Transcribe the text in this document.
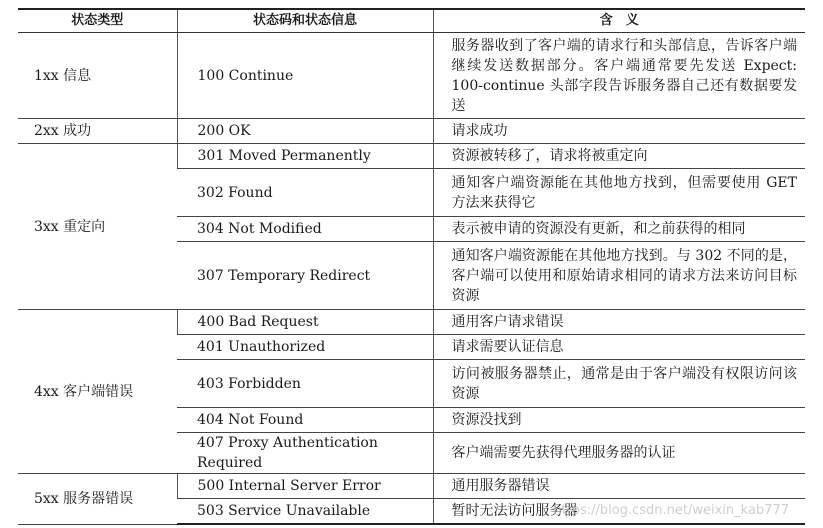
状态类型	状态码和状态信息	含　义
1xx 信息	100 Continue	服务器收到了客户端的请求行和头部信息，告诉客户端继续发送数据部分。客户端通常要先发送 Expect: 100-continue 头部字段告诉服务器自己还有数据要发送
2xx 成功	200 OK	请求成功
3xx 重定向	301 Moved Permanently	资源被转移了，请求将被重定向
	302 Found	通知客户端资源能在其他地方找到，但需要使用 GET 方法来获得它
	304 Not Modified	表示被申请的资源没有更新，和之前获得的相同
	307 Temporary Redirect	通知客户端资源能在其他地方找到。与 302 不同的是，客户端可以使用和原始请求相同的请求方法来访问目标资源
4xx 客户端错误	400 Bad Request	通用客户请求错误
	401 Unauthorized	请求需要认证信息
	403 Forbidden	访问被服务器禁止，通常是由于客户端没有权限访问该资源
	404 Not Found	资源没找到
	407 Proxy Authentication Required	客户端需要先获得代理服务器的认证
5xx 服务器错误	500 Internal Server Error	通用服务器错误
	503 Service Unavailable	暂时无法访问服务器
https://blog.csdn.net/weixin_kab777
